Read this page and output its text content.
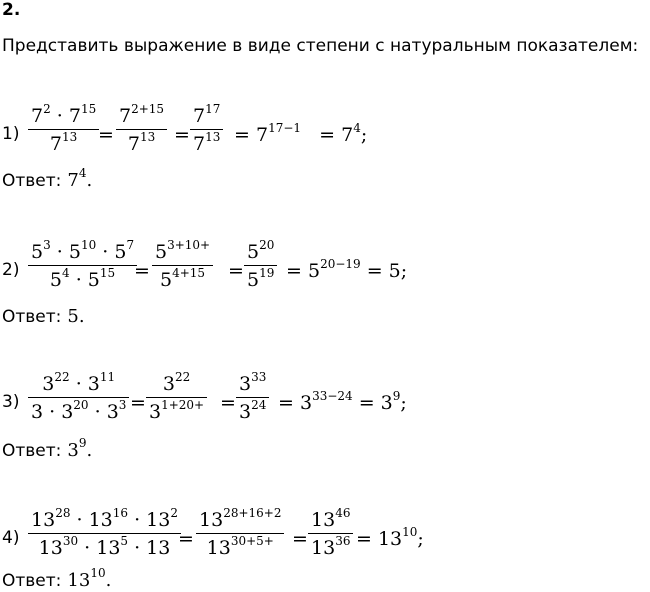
2.
Представить выражение в виде степени с натуральным показателем:
1)
$7^2 \cdot 7^{15}$
$7^{13}$	=
$7^{2+15}$
$7^{13}$ =
$7^{17}$
$7^{13} = 7^{17-1} = 7^4$;
Ответ: $7^4$.
2)
$5^3 \cdot 5^{10} \cdot 5^7$
$5^4 \cdot 5^{15}$ =
$5^{3+10+}$
$5^{4+15}$	=
$5^{20}$
$5^{19} = 5^{20-19} = 5$;
Ответ: 5.
3)
$3^{22} \cdot 3^{11}$
$3 \cdot 3^{20} \cdot 3^3$ =
$3^{22}$
$3^{1+20+}$ =
$3^{33}$
$3^{24} = 3^{33-24} = 3^9$;
Ответ: $3^9$.
4)
$13^{28} \cdot 13^{16} \cdot 13^2$
$13^{30} \cdot 13^5 \cdot 13$ =
$13^{28+16+2}$
$13^{30+5+}$ =
$13^{46}$
$13^{36} = 13^{10}$;
Ответ: $13^{10}$.
